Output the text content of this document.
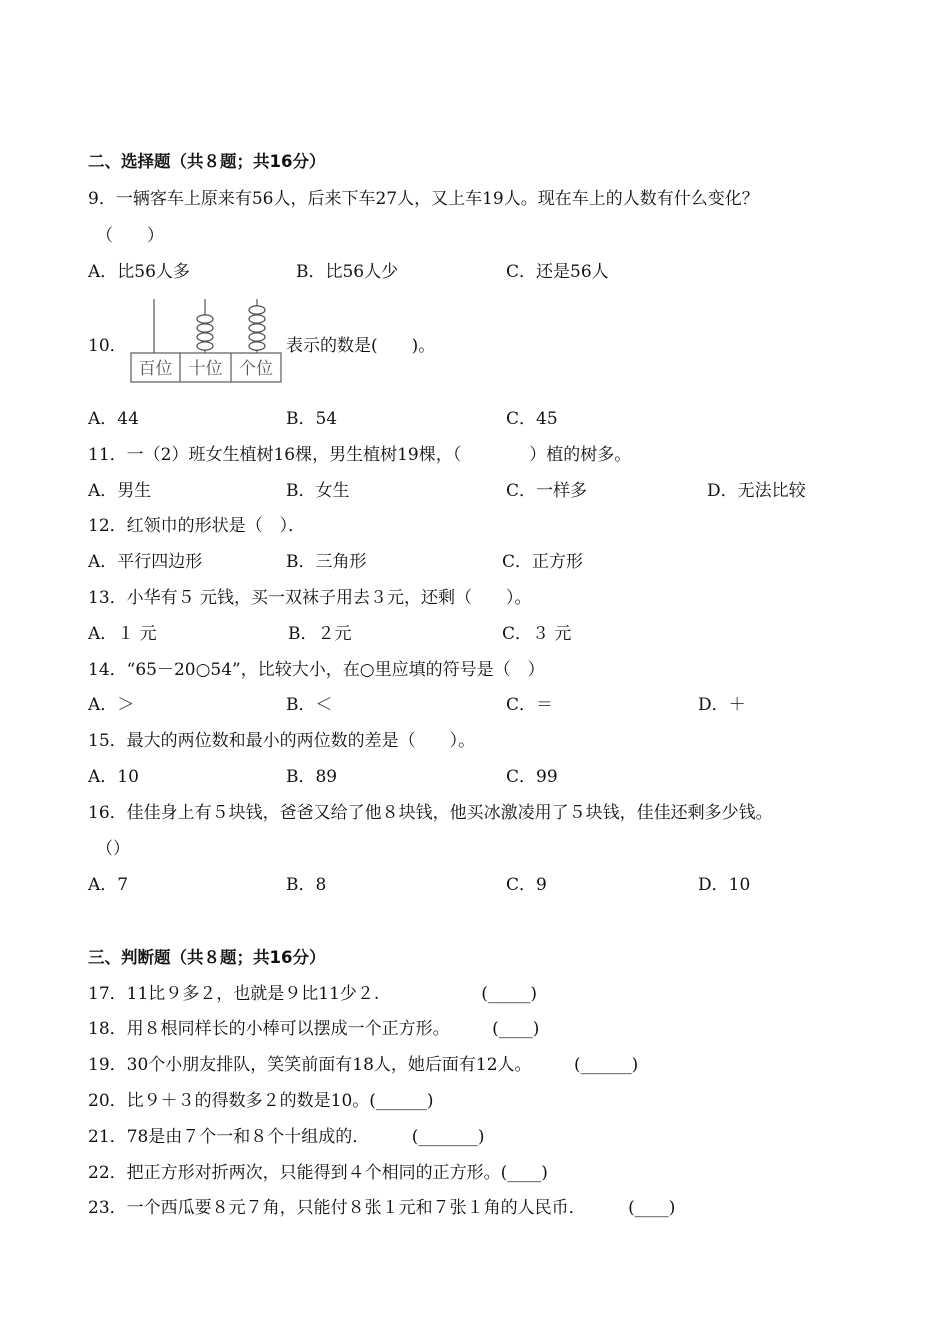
二、选择题（共８题；共16分）
9．一辆客车上原来有56人，后来下车27人，又上车19人。现在车上的人数有什么变化？
（　　）
A．比56人多	B．比56人少	C．还是56人
10．
百位 十位 个位
表示的数是(　　)。
A．44	B．54	C．45
11．一（2）班女生植树16棵，男生植树19棵，（　　　　）植的树多。
A．男生	B．女生	C．一样多	D．无法比较
12．红领巾的形状是（　）．
A．平行四边形	B．三角形	C．正方形
13．小华有５ 元钱，买一双袜子用去３元，还剩（　　）。
A．１ 元	B．２元	C．３ 元
14．“65－20○54”，比较大小，在○里应填的符号是（　）
A．＞	B．＜	C．＝	D．＋
15．最大的两位数和最小的两位数的差是（　　）。
A．10	B．89	C．99
16．佳佳身上有５块钱，爸爸又给了他８块钱，他买冰激凌用了５块钱，佳佳还剩多少钱。
（）
A．7	B．8	C．9	D．10
三、判断题（共８题；共16分）
17．11比９多２，也就是９比11少２.　　　　　　(_____)
18．用８根同样长的小棒可以摆成一个正方形。　　　(____)
19．30个小朋友排队，笑笑前面有18人，她后面有12人。　　　(______)
20．比９＋３的得数多２的数是10。(______)
21．78是由７个一和８个十组成的．　　　(_______)
22．把正方形对折两次，只能得到４个相同的正方形。(____)
23．一个西瓜要８元７角，只能付８张１元和７张１角的人民币．　　　(____)
